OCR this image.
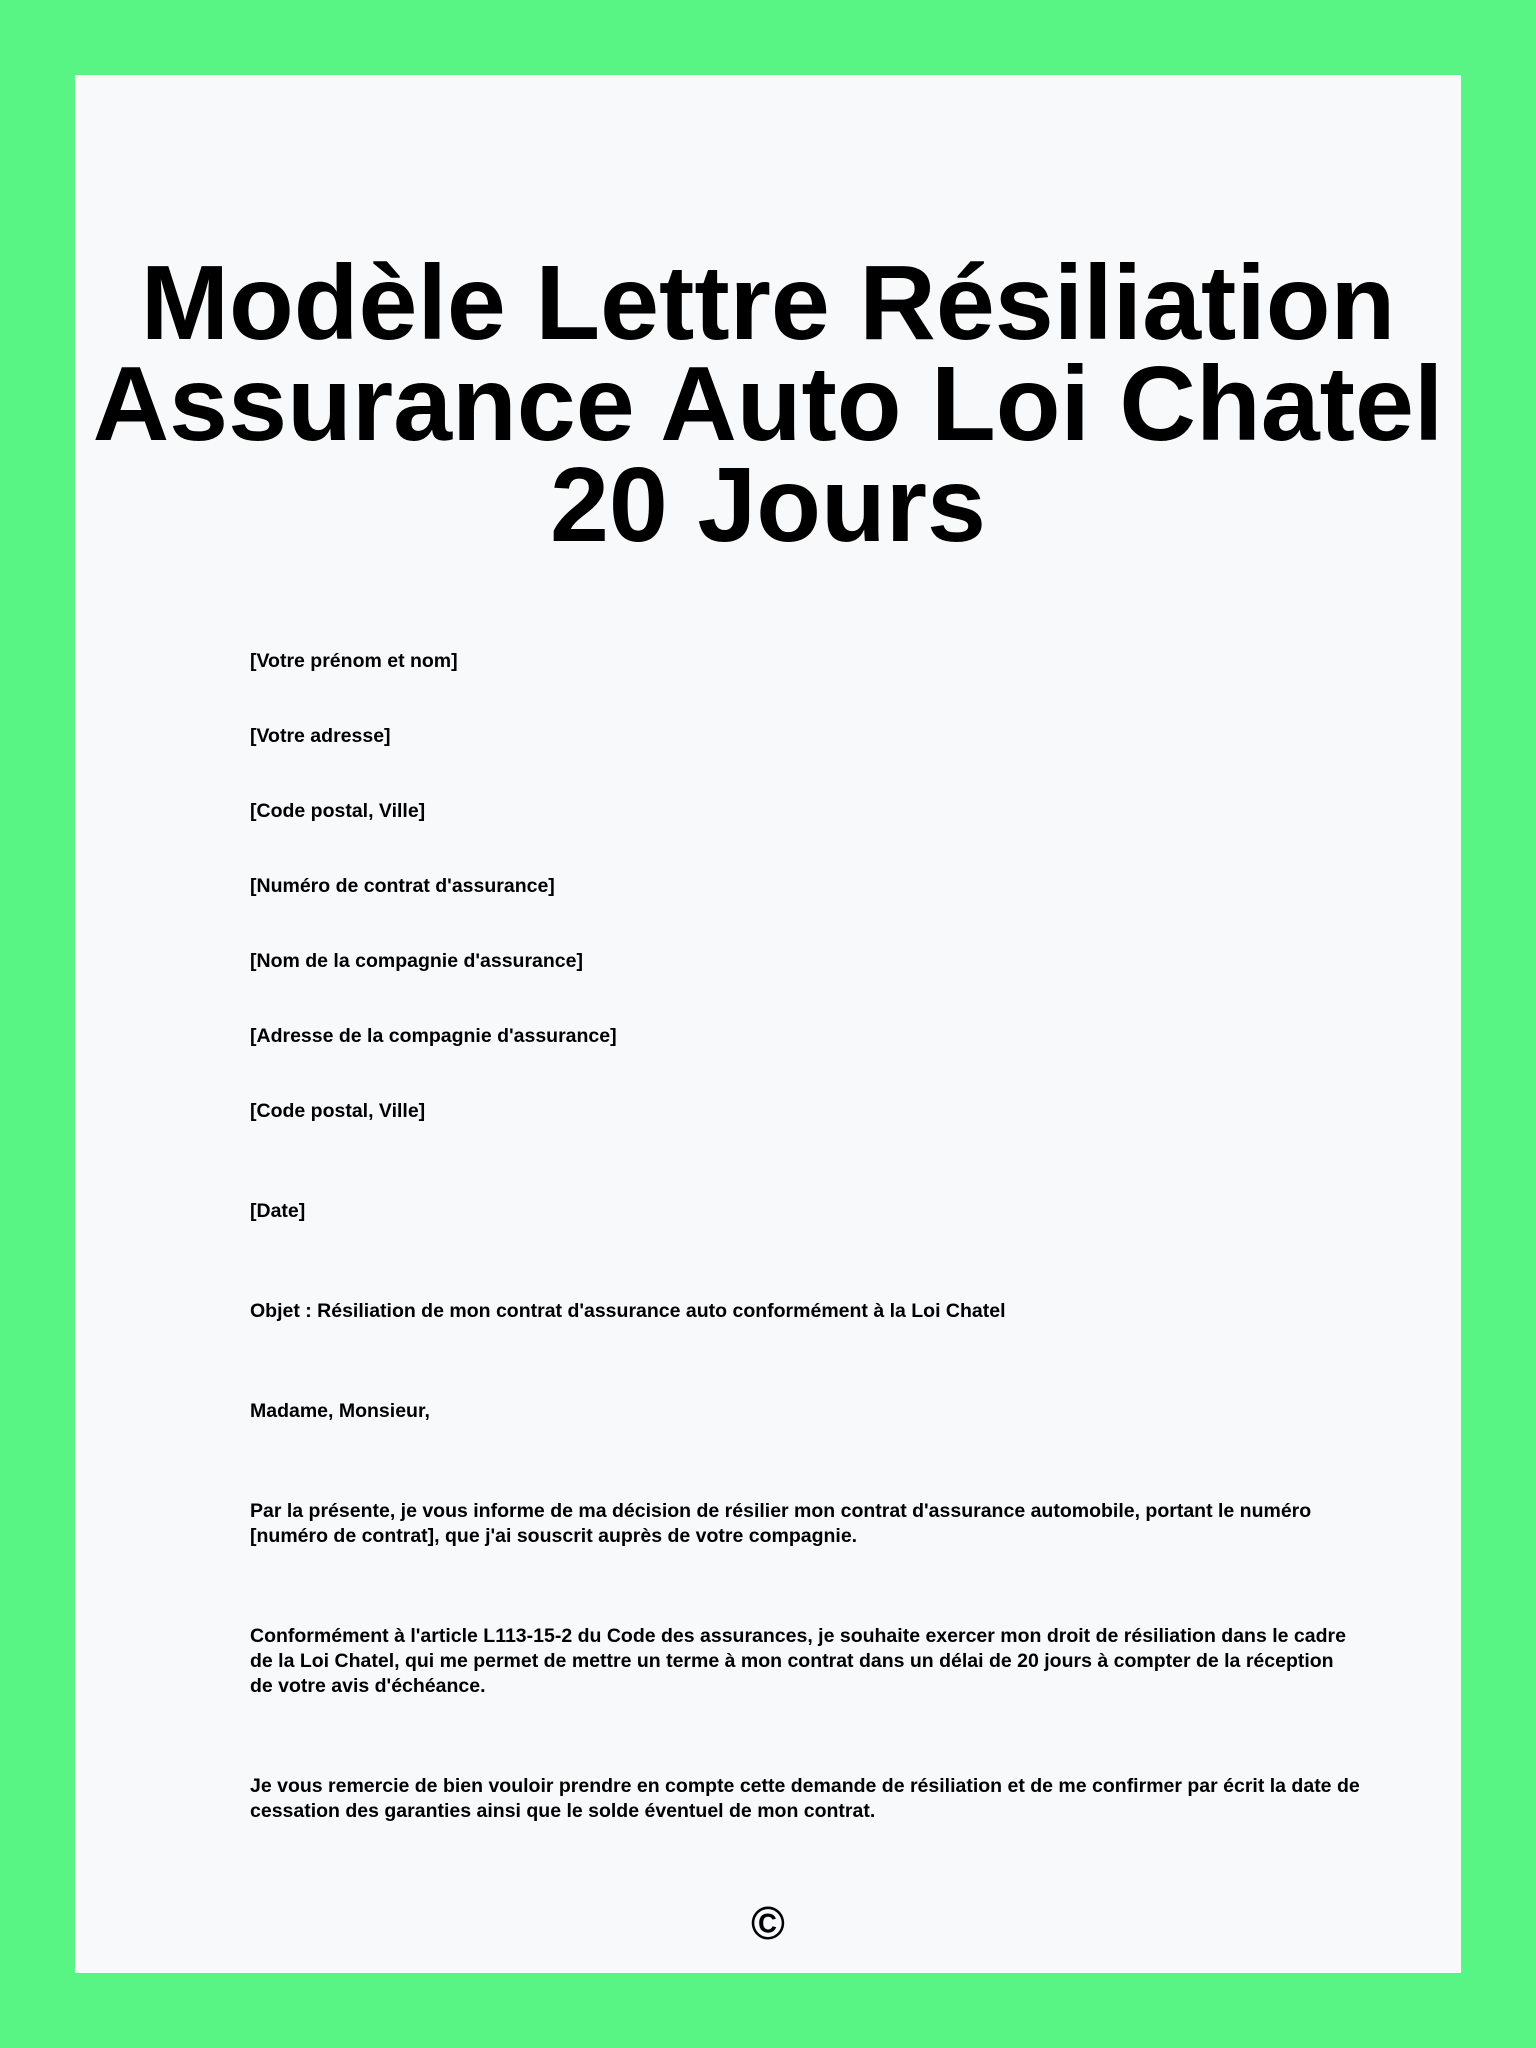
Modèle Lettre Résiliation
Assurance Auto Loi Chatel
20 Jours

[Votre prénom et nom]

[Votre adresse]

[Code postal, Ville]

[Numéro de contrat d'assurance]

[Nom de la compagnie d'assurance]

[Adresse de la compagnie d'assurance]

[Code postal, Ville]

[Date]

Objet : Résiliation de mon contrat d'assurance auto conformément à la Loi Chatel

Madame, Monsieur,

Par la présente, je vous informe de ma décision de résilier mon contrat d'assurance automobile, portant le numéro [numéro de contrat], que j'ai souscrit auprès de votre compagnie.

Conformément à l'article L113-15-2 du Code des assurances, je souhaite exercer mon droit de résiliation dans le cadre de la Loi Chatel, qui me permet de mettre un terme à mon contrat dans un délai de 20 jours à compter de la réception de votre avis d'échéance.

Je vous remercie de bien vouloir prendre en compte cette demande de résiliation et de me confirmer par écrit la date de cessation des garanties ainsi que le solde éventuel de mon contrat.

©
